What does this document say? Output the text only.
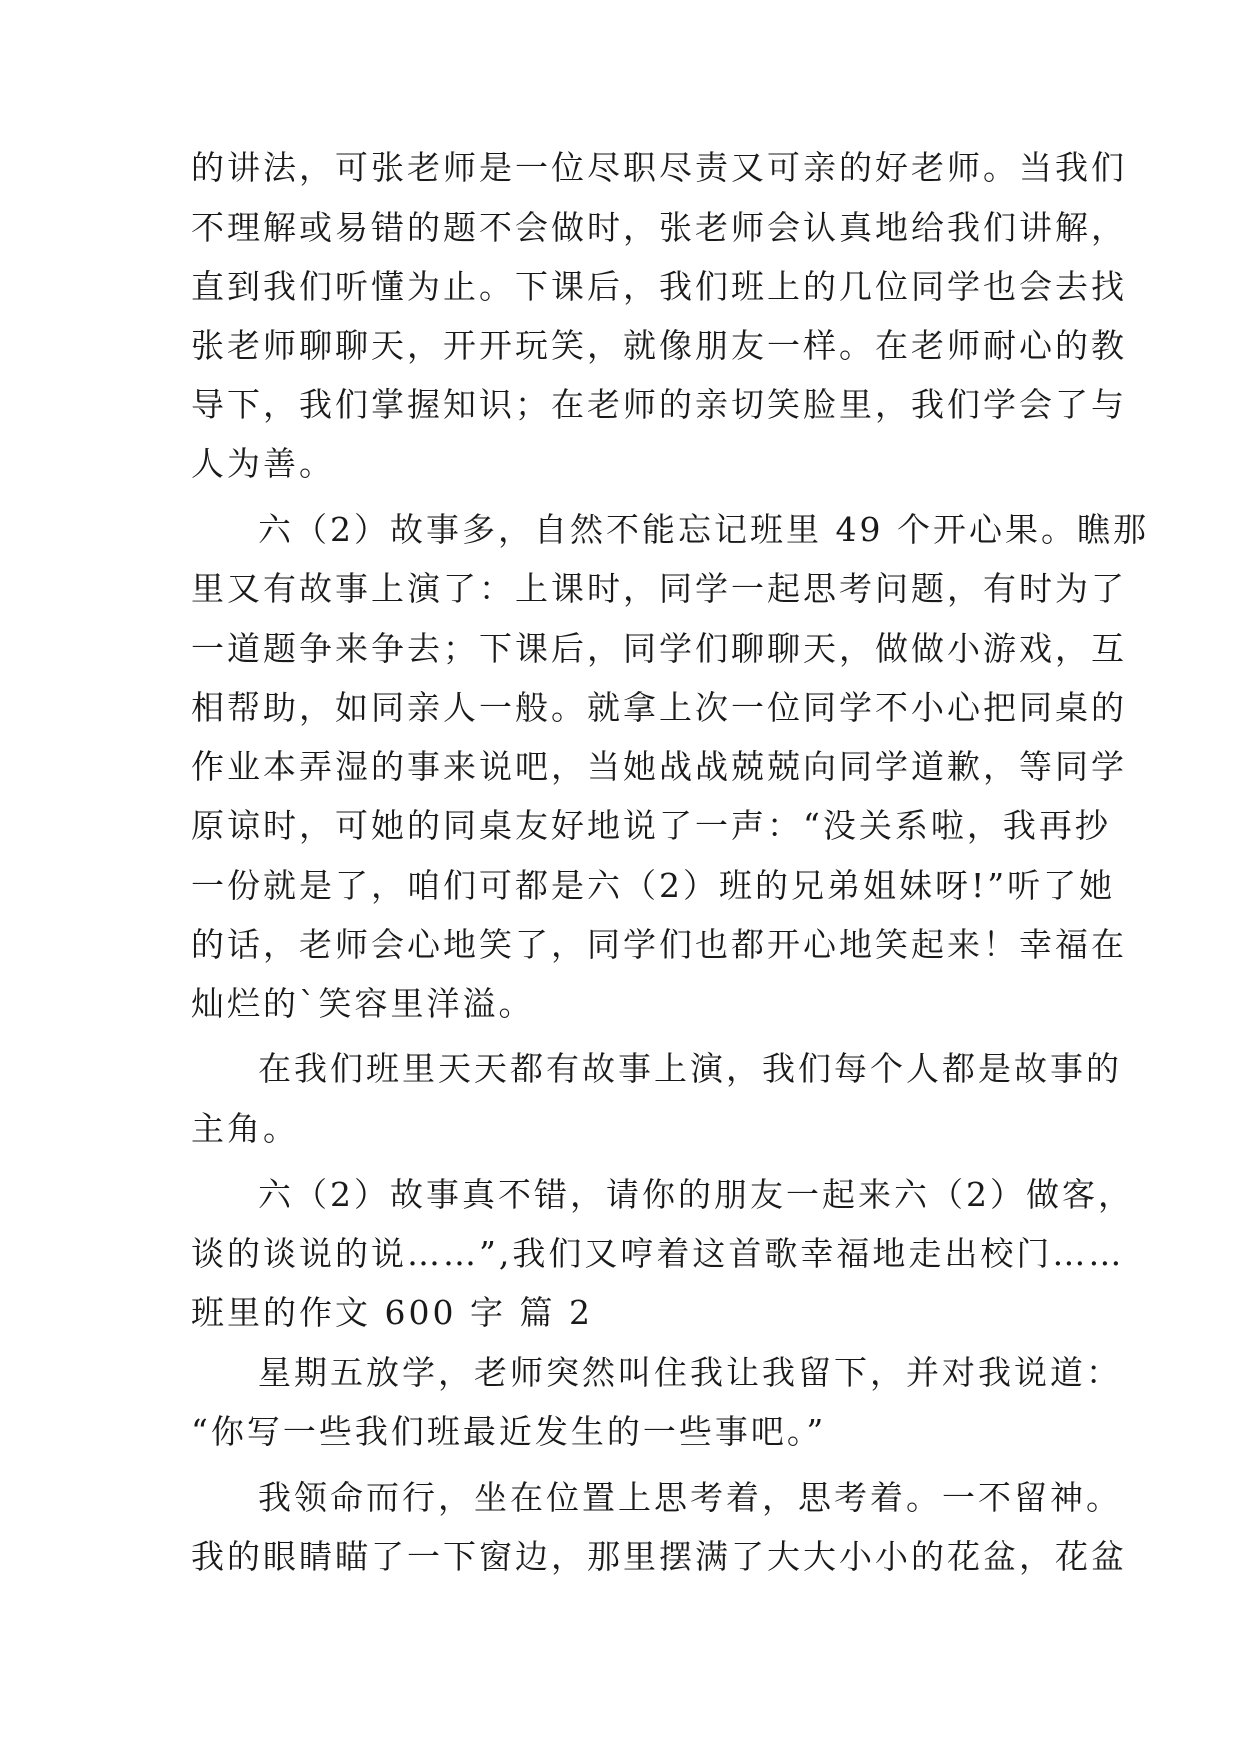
的讲法，可张老师是一位尽职尽责又可亲的好老师。当我们
不理解或易错的题不会做时，张老师会认真地给我们讲解，
直到我们听懂为止。下课后，我们班上的几位同学也会去找
张老师聊聊天，开开玩笑，就像朋友一样。在老师耐心的教
导下，我们掌握知识；在老师的亲切笑脸里，我们学会了与
人为善。
六（2）故事多，自然不能忘记班里 49 个开心果。瞧那
里又有故事上演了：上课时，同学一起思考问题，有时为了
一道题争来争去；下课后，同学们聊聊天，做做小游戏，互
相帮助，如同亲人一般。就拿上次一位同学不小心把同桌的
作业本弄湿的事来说吧，当她战战兢兢向同学道歉，等同学
原谅时，可她的同桌友好地说了一声：“没关系啦，我再抄
一份就是了，咱们可都是六（2）班的兄弟姐妹呀!”听了她
的话，老师会心地笑了，同学们也都开心地笑起来！幸福在
灿烂的`笑容里洋溢。
在我们班里天天都有故事上演，我们每个人都是故事的
主角。
六（2）故事真不错，请你的朋友一起来六（2）做客，
谈的谈说的说……”,我们又哼着这首歌幸福地走出校门……
班里的作文 600 字 篇 2
星期五放学，老师突然叫住我让我留下，并对我说道：
“你写一些我们班最近发生的一些事吧。”
我领命而行，坐在位置上思考着，思考着。一不留神。
我的眼睛瞄了一下窗边，那里摆满了大大小小的花盆，花盆
